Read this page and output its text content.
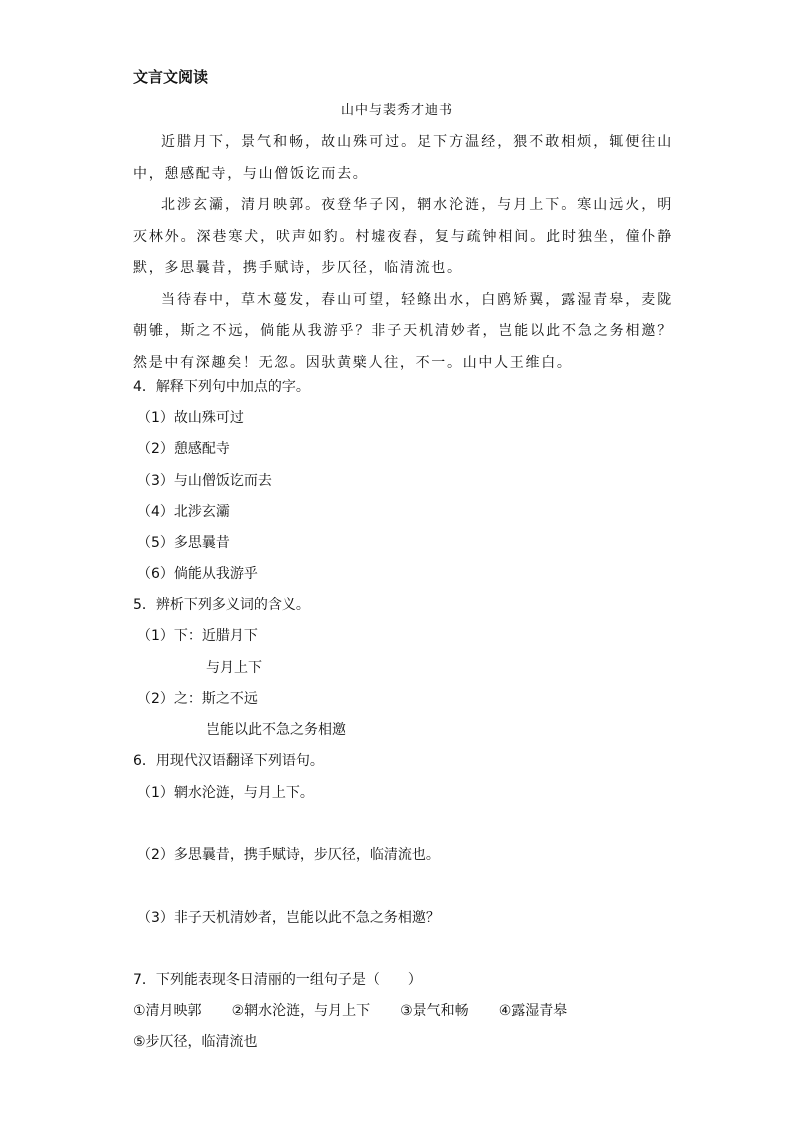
文言文阅读
山中与裴秀才迪书

近腊月下，景气和畅，故山殊可过。足下方温经，猥不敢相烦，辄便往山中，憩感配寺，与山僧饭讫而去。

北涉玄灞，清月映郭。夜登华子冈，辋水沦涟，与月上下。寒山远火，明灭林外。深巷寒犬，吠声如豹。村墟夜舂，复与疏钟相间。此时独坐，僮仆静默，多思曩昔，携手赋诗，步仄径，临清流也。

当待春中，草木蔓发，春山可望，轻鲦出水，白鸥矫翼，露湿青皋，麦陇朝雊，斯之不远，倘能从我游乎？非子天机清妙者，岂能以此不急之务相邀？然是中有深趣矣！无忽。因驮黄檗人往，不一。山中人王维白。

4．解释下列句中加点的字。
（1）故山殊可过
（2）憩感配寺
（3）与山僧饭讫而去
（4）北涉玄灞
（5）多思曩昔
（6）倘能从我游乎
5．辨析下列多义词的含义。
（1）下：近腊月下
与月上下
（2）之：斯之不远
岂能以此不急之务相邀
6．用现代汉语翻译下列语句。
（1）辋水沦涟，与月上下。
（2）多思曩昔，携手赋诗，步仄径，临清流也。
（3）非子天机清妙者，岂能以此不急之务相邀？
7．下列能表现冬日清丽的一组句子是（　　）
①清月映郭 ②辋水沦涟，与月上下 ③景气和畅 ④露湿青皋
⑤步仄径，临清流也
